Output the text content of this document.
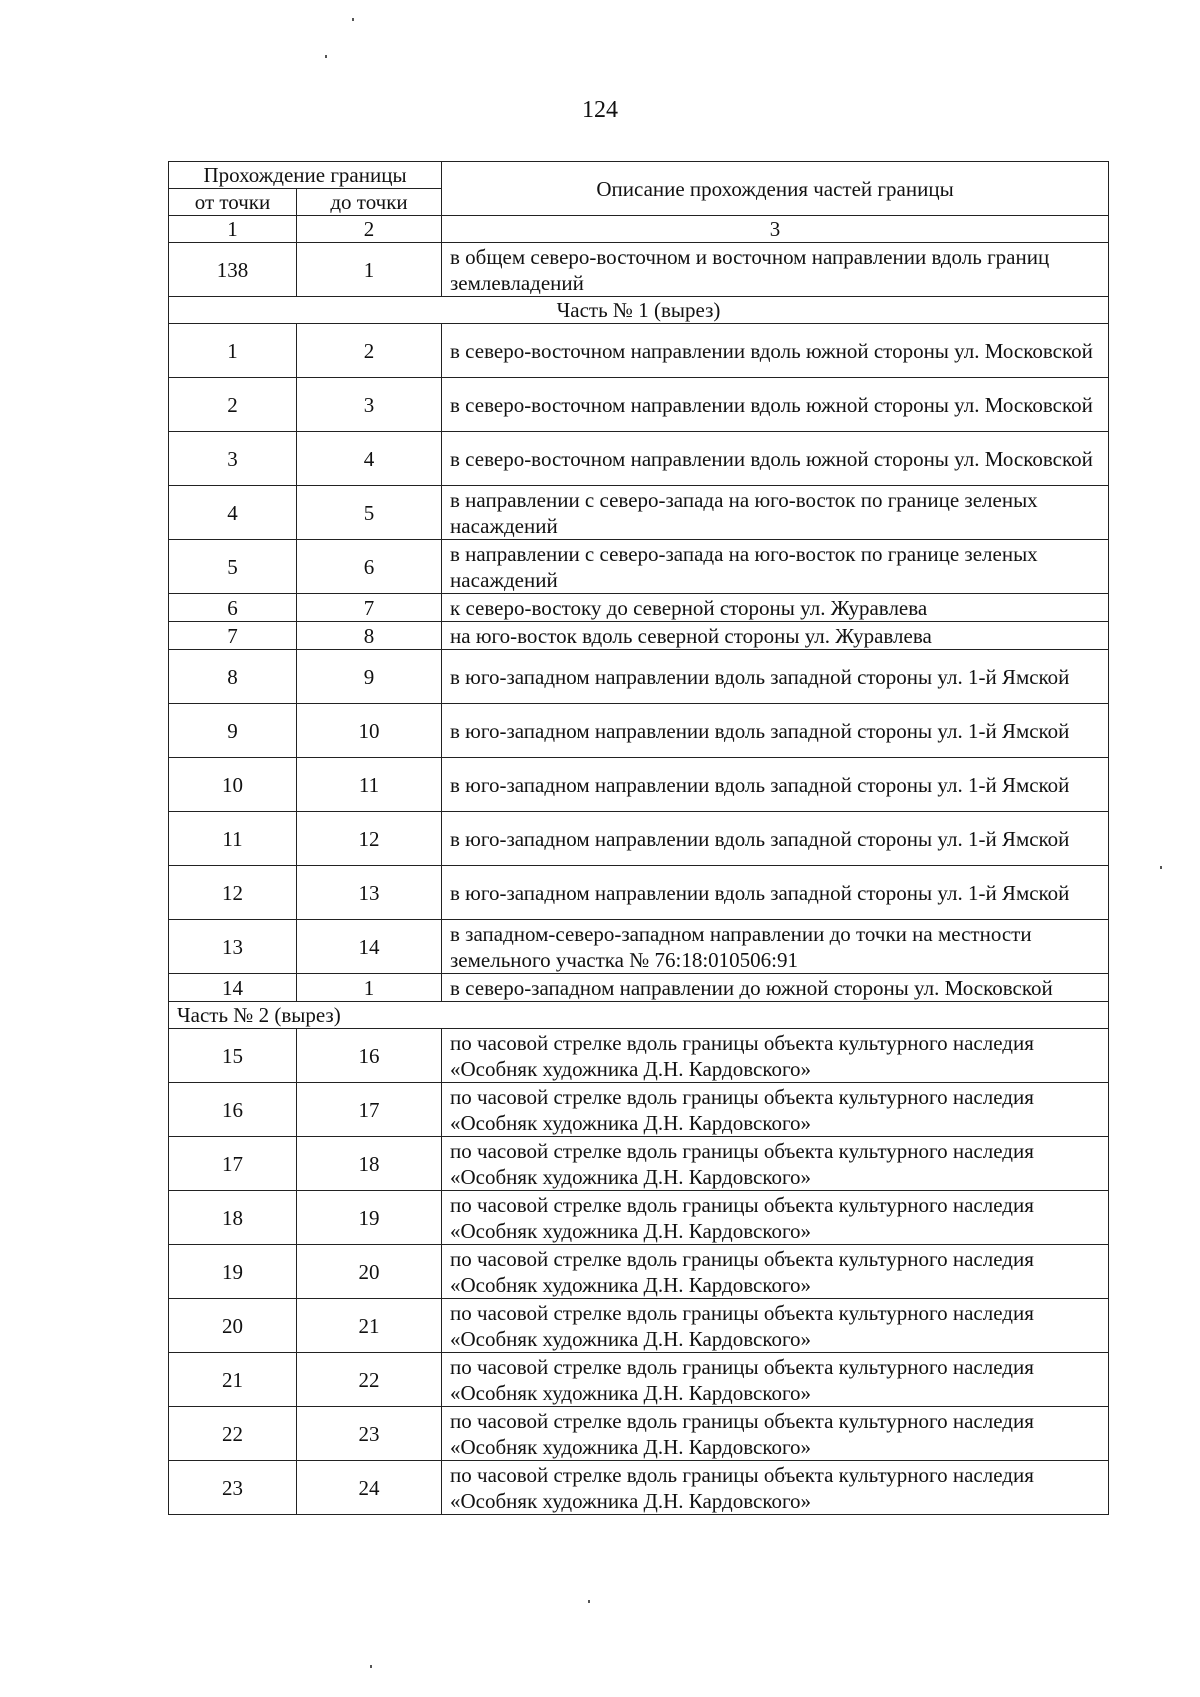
124
Прохождение границы		Описание прохождения частей границы
от точки	до точки	
1	2	3
138	1	в общем северо-восточном и восточном направлении вдоль границ землевладений
Часть № 1 (вырез)		
1	2	в северо-восточном направлении вдоль южной стороны ул. Московской
2	3	в северо-восточном направлении вдоль южной стороны ул. Московской
3	4	в северо-восточном направлении вдоль южной стороны ул. Московской
4	5	в направлении с северо-запада на юго-восток по границе зеленых насаждений
5	6	в направлении с северо-запада на юго-восток по границе зеленых насаждений
6	7	к северо-востоку до северной стороны ул. Журавлева
7	8	на юго-восток вдоль северной стороны ул. Журавлева
8	9	в юго-западном направлении вдоль западной стороны ул. 1-й Ямской
9	10	в юго-западном направлении вдоль западной стороны ул. 1-й Ямской
10	11	в юго-западном направлении вдоль западной стороны ул. 1-й Ямской
11	12	в юго-западном направлении вдоль западной стороны ул. 1-й Ямской
12	13	в юго-западном направлении вдоль западной стороны ул. 1-й Ямской
13	14	в западном-северо-западном направлении до точки на местности земельного участка № 76:18:010506:91
14	1	в северо-западном направлении до южной стороны ул. Московской
Часть № 2 (вырез)		
15	16	по часовой стрелке вдоль границы объекта культурного наследия «Особняк художника Д.Н. Кардовского»
16	17	по часовой стрелке вдоль границы объекта культурного наследия «Особняк художника Д.Н. Кардовского»
17	18	по часовой стрелке вдоль границы объекта культурного наследия «Особняк художника Д.Н. Кардовского»
18	19	по часовой стрелке вдоль границы объекта культурного наследия «Особняк художника Д.Н. Кардовского»
19	20	по часовой стрелке вдоль границы объекта культурного наследия «Особняк художника Д.Н. Кардовского»
20	21	по часовой стрелке вдоль границы объекта культурного наследия «Особняк художника Д.Н. Кардовского»
21	22	по часовой стрелке вдоль границы объекта культурного наследия «Особняк художника Д.Н. Кардовского»
22	23	по часовой стрелке вдоль границы объекта культурного наследия «Особняк художника Д.Н. Кардовского»
23	24	по часовой стрелке вдоль границы объекта культурного наследия «Особняк художника Д.Н. Кардовского»
